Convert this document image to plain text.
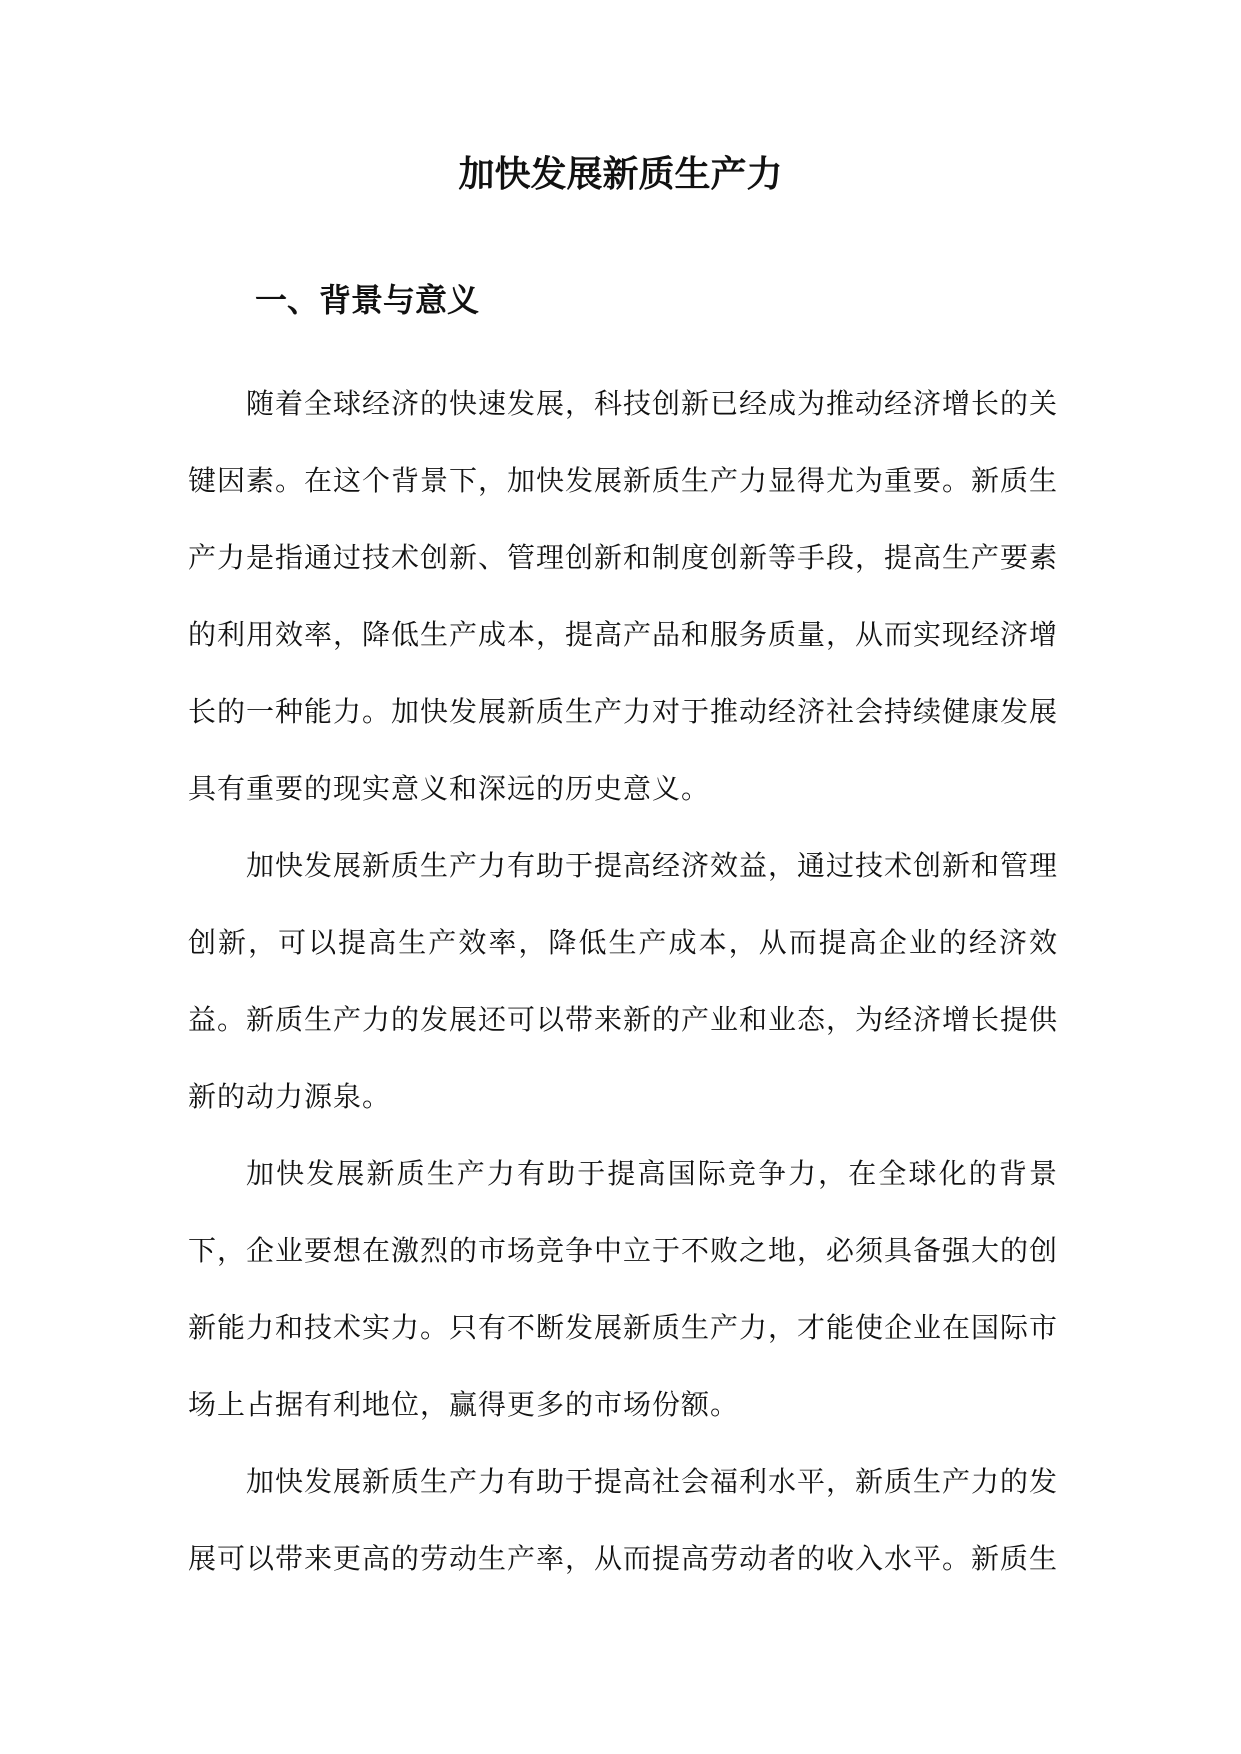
加快发展新质生产力
一、背景与意义

随着全球经济的快速发展，科技创新已经成为推动经济增长的关键因素。在这个背景下，加快发展新质生产力显得尤为重要。新质生产力是指通过技术创新、管理创新和制度创新等手段，提高生产要素的利用效率，降低生产成本，提高产品和服务质量，从而实现经济增长的一种能力。加快发展新质生产力对于推动经济社会持续健康发展具有重要的现实意义和深远的历史意义。

加快发展新质生产力有助于提高经济效益，通过技术创新和管理创新，可以提高生产效率，降低生产成本，从而提高企业的经济效益。新质生产力的发展还可以带来新的产业和业态，为经济增长提供新的动力源泉。

加快发展新质生产力有助于提高国际竞争力，在全球化的背景下，企业要想在激烈的市场竞争中立于不败之地，必须具备强大的创新能力和技术实力。只有不断发展新质生产力，才能使企业在国际市场上占据有利地位，赢得更多的市场份额。

加快发展新质生产力有助于提高社会福利水平，新质生产力的发展可以带来更高的劳动生产率，从而提高劳动者的收入水平。新质生
